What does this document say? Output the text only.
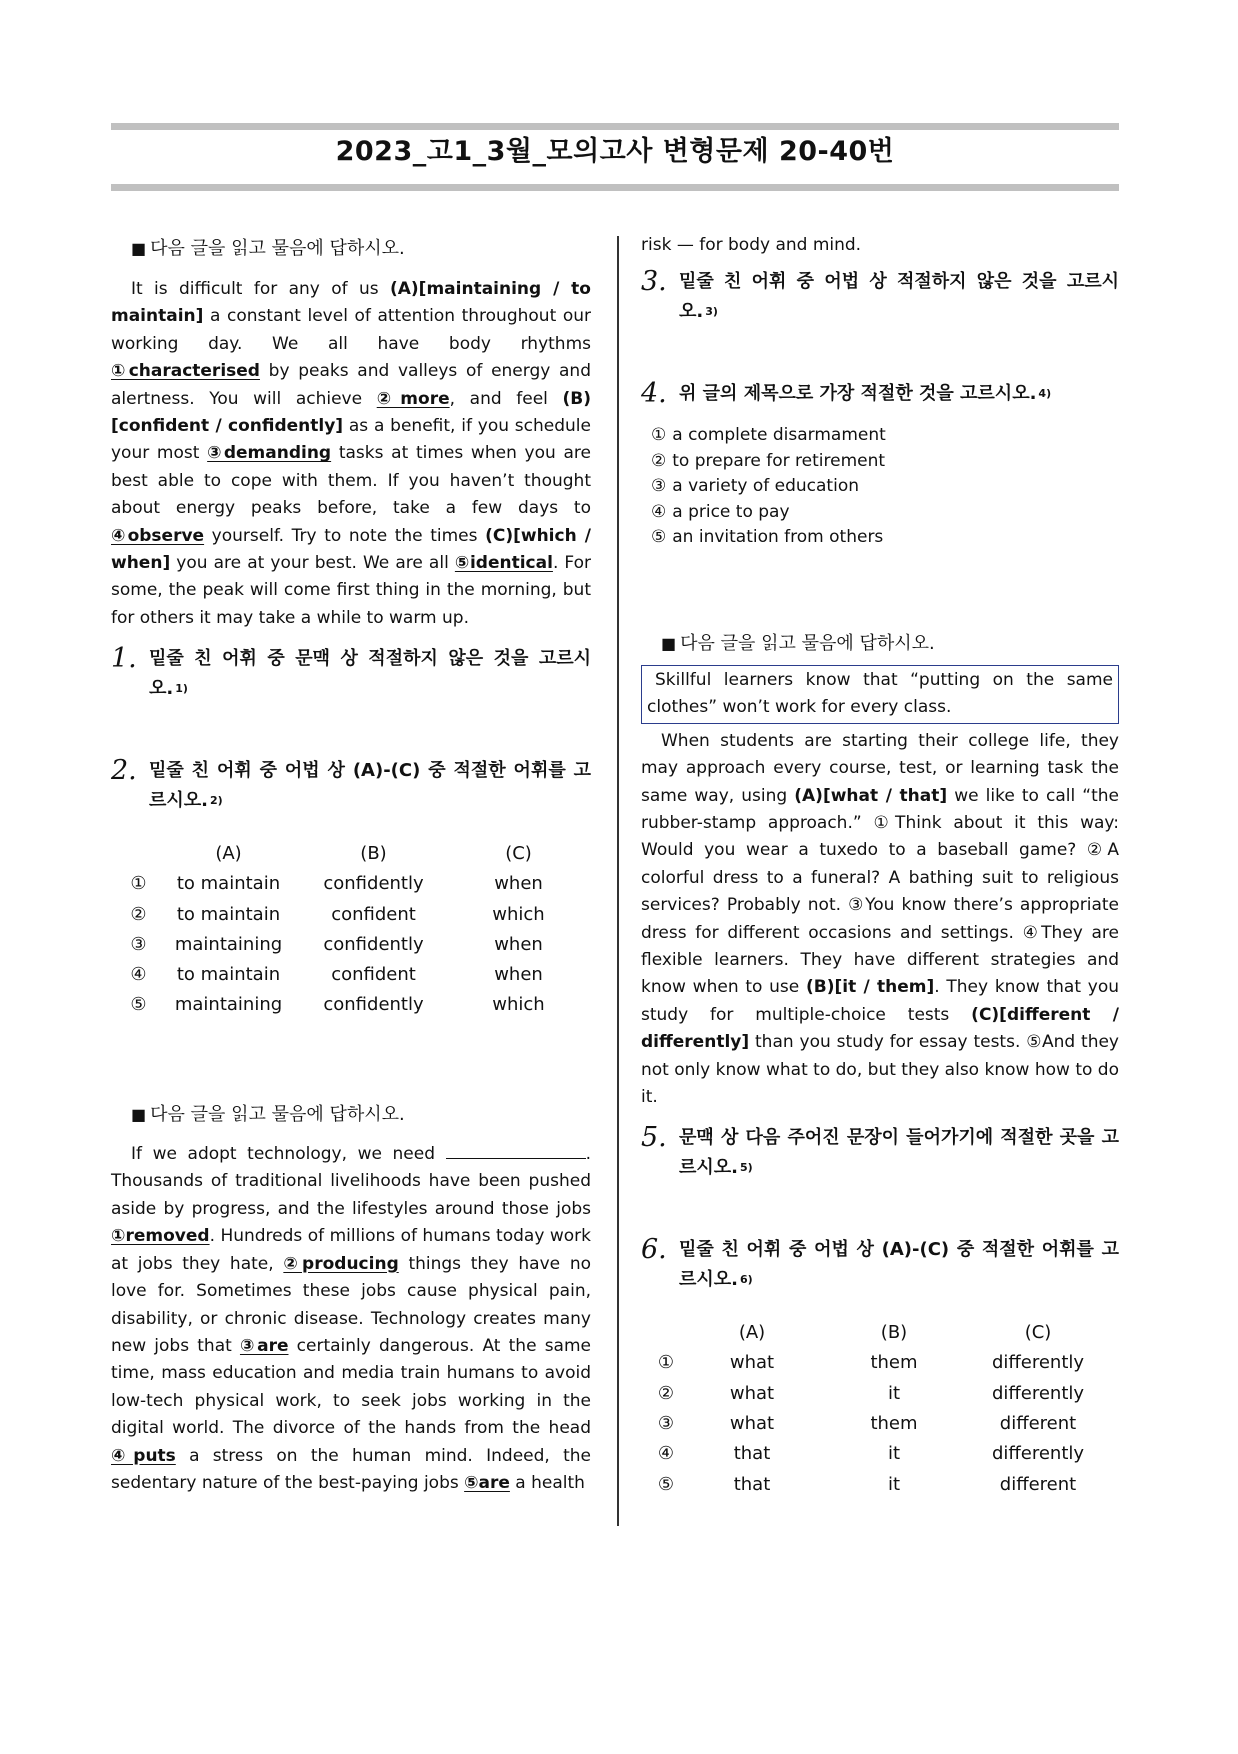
2023_고1_3월_모의고사 변형문제 20-40번

■ 다음 글을 읽고 물음에 답하시오.

It is difficult for any of us (A)[maintaining / to maintain] a constant level of attention throughout our working day. We all have body rhythms ①characterised by peaks and valleys of energy and alertness. You will achieve ②more, and feel (B)[confident / confidently] as a benefit, if you schedule your most ③demanding tasks at times when you are best able to cope with them. If you haven’t thought about energy peaks before, take a few days to ④observe yourself. Try to note the times (C)[which / when] you are at your best. We are all ⑤identical. For some, the peak will come first thing in the morning, but for others it may take a while to warm up.

1. 밑줄 친 어휘 중 문맥 상 적절하지 않은 것을 고르시오. 1)
2. 밑줄 친 어휘 중 어법 상 (A)-(C) 중 적절한 어휘를 고르시오. 2)
	(A)	(B)	(C)
①	to maintain	confidently	when
②	to maintain	confident	which
③	maintaining	confidently	when
④	to maintain	confident	when
⑤	maintaining	confidently	which

■ 다음 글을 읽고 물음에 답하시오.

If we adopt technology, we need	. Thousands of traditional livelihoods have been pushed aside by progress, and the lifestyles around those jobs ①removed. Hundreds of millions of humans today work at jobs they hate, ②producing things they have no love for. Sometimes these jobs cause physical pain, disability, or chronic disease. Technology creates many new jobs that ③are certainly dangerous. At the same time, mass education and media train humans to avoid low-tech physical work, to seek jobs working in the digital world. The divorce of the hands from the head ④puts a stress on the human mind. Indeed, the sedentary nature of the best-paying jobs ⑤are a health

risk — for body and mind.

3. 밑줄 친 어휘 중 어법 상 적절하지 않은 것을 고르시오. 3)
4. 위 글의 제목으로 가장 적절한 것을 고르시오. 4)
① a complete disarmament
② to prepare for retirement
③ a variety of education
④ a price to pay
⑤ an invitation from others

■ 다음 글을 읽고 물음에 답하시오.

Skillful learners know that “putting on the same clothes” won’t work for every class.

When students are starting their college life, they may approach every course, test, or learning task the same way, using (A)[what / that] we like to call “the rubber-stamp approach.” ①Think about it this way: Would you wear a tuxedo to a baseball game? ②A colorful dress to a funeral? A bathing suit to religious services? Probably not. ③You know there’s appropriate dress for different occasions and settings. ④They are flexible learners. They have different strategies and know when to use (B)[it / them]. They know that you study for multiple-choice tests (C)[different / differently] than you study for essay tests. ⑤And they not only know what to do, but they also know how to do it.

5. 문맥 상 다음 주어진 문장이 들어가기에 적절한 곳을 고르시오. 5)
6. 밑줄 친 어휘 중 어법 상 (A)-(C) 중 적절한 어휘를 고르시오. 6)
	(A)	(B)	(C)
①	what	them	differently
②	what	it	differently
③	what	them	different
④	that	it	differently
⑤	that	it	different
